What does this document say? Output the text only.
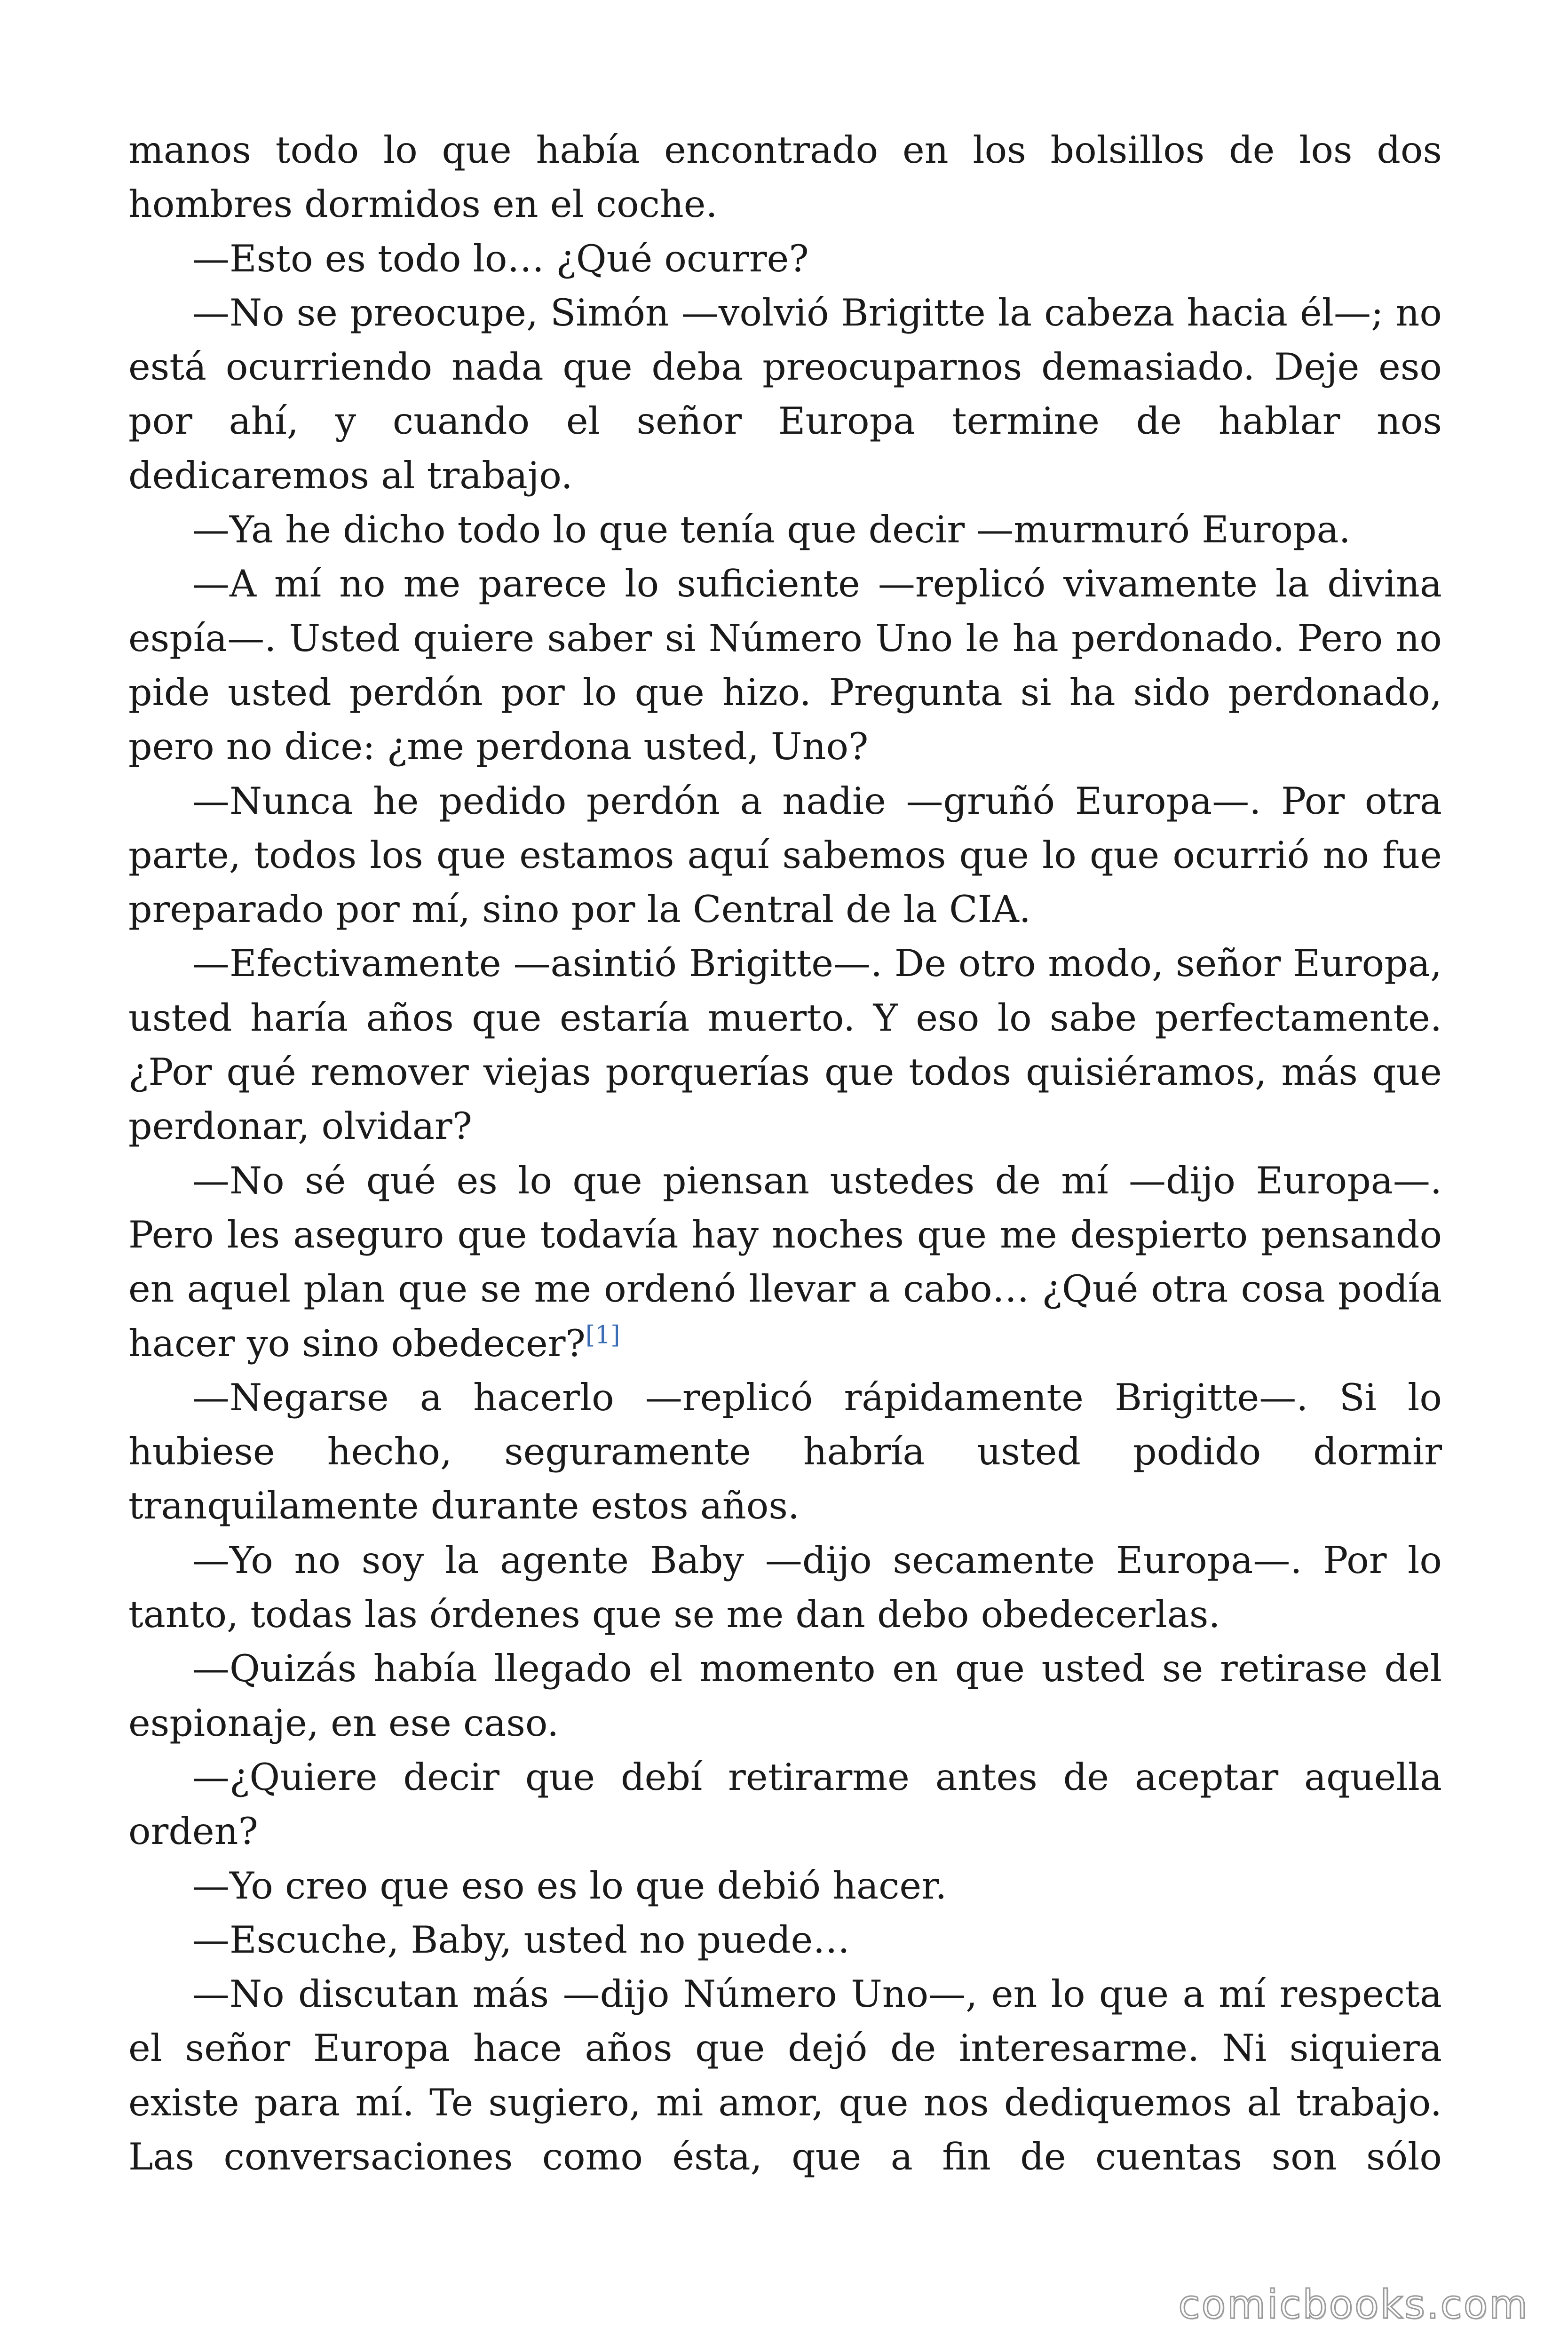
manos todo lo que había encontrado en los bolsillos de los dos hombres dormidos en el coche.

—Esto es todo lo… ¿Qué ocurre?

—No se preocupe, Simón —volvió Brigitte la cabeza hacia él—; no está ocurriendo nada que deba preocuparnos demasiado. Deje eso por ahí, y cuando el señor Europa termine de hablar nos dedicaremos al trabajo.

—Ya he dicho todo lo que tenía que decir —murmuró Europa.

—A mí no me parece lo suficiente —replicó vivamente la divina espía—. Usted quiere saber si Número Uno le ha perdonado. Pero no pide usted perdón por lo que hizo. Pregunta si ha sido perdonado, pero no dice: ¿me perdona usted, Uno?

—Nunca he pedido perdón a nadie —gruñó Europa—. Por otra parte, todos los que estamos aquí sabemos que lo que ocurrió no fue preparado por mí, sino por la Central de la CIA.

—Efectivamente —asintió Brigitte—. De otro modo, señor Europa, usted haría años que estaría muerto. Y eso lo sabe perfectamente. ¿Por qué remover viejas porquerías que todos quisiéramos, más que perdonar, olvidar?

—No sé qué es lo que piensan ustedes de mí —dijo Europa—. Pero les aseguro que todavía hay noches que me despierto pensando en aquel plan que se me ordenó llevar a cabo… ¿Qué otra cosa podía hacer yo sino obedecer?[1]

—Negarse a hacerlo —replicó rápidamente Brigitte—. Si lo hubiese hecho, seguramente habría usted podido dormir tranquilamente durante estos años.

—Yo no soy la agente Baby —dijo secamente Europa—. Por lo tanto, todas las órdenes que se me dan debo obedecerlas.

—Quizás había llegado el momento en que usted se retirase del espionaje, en ese caso.

—¿Quiere decir que debí retirarme antes de aceptar aquella orden?

—Yo creo que eso es lo que debió hacer.

—Escuche, Baby, usted no puede…

—No discutan más —dijo Número Uno—, en lo que a mí respecta el señor Europa hace años que dejó de interesarme. Ni siquiera existe para mí. Te sugiero, mi amor, que nos dediquemos al trabajo. Las conversaciones como ésta, que a fin de cuentas son sólo

comicbooks.com
